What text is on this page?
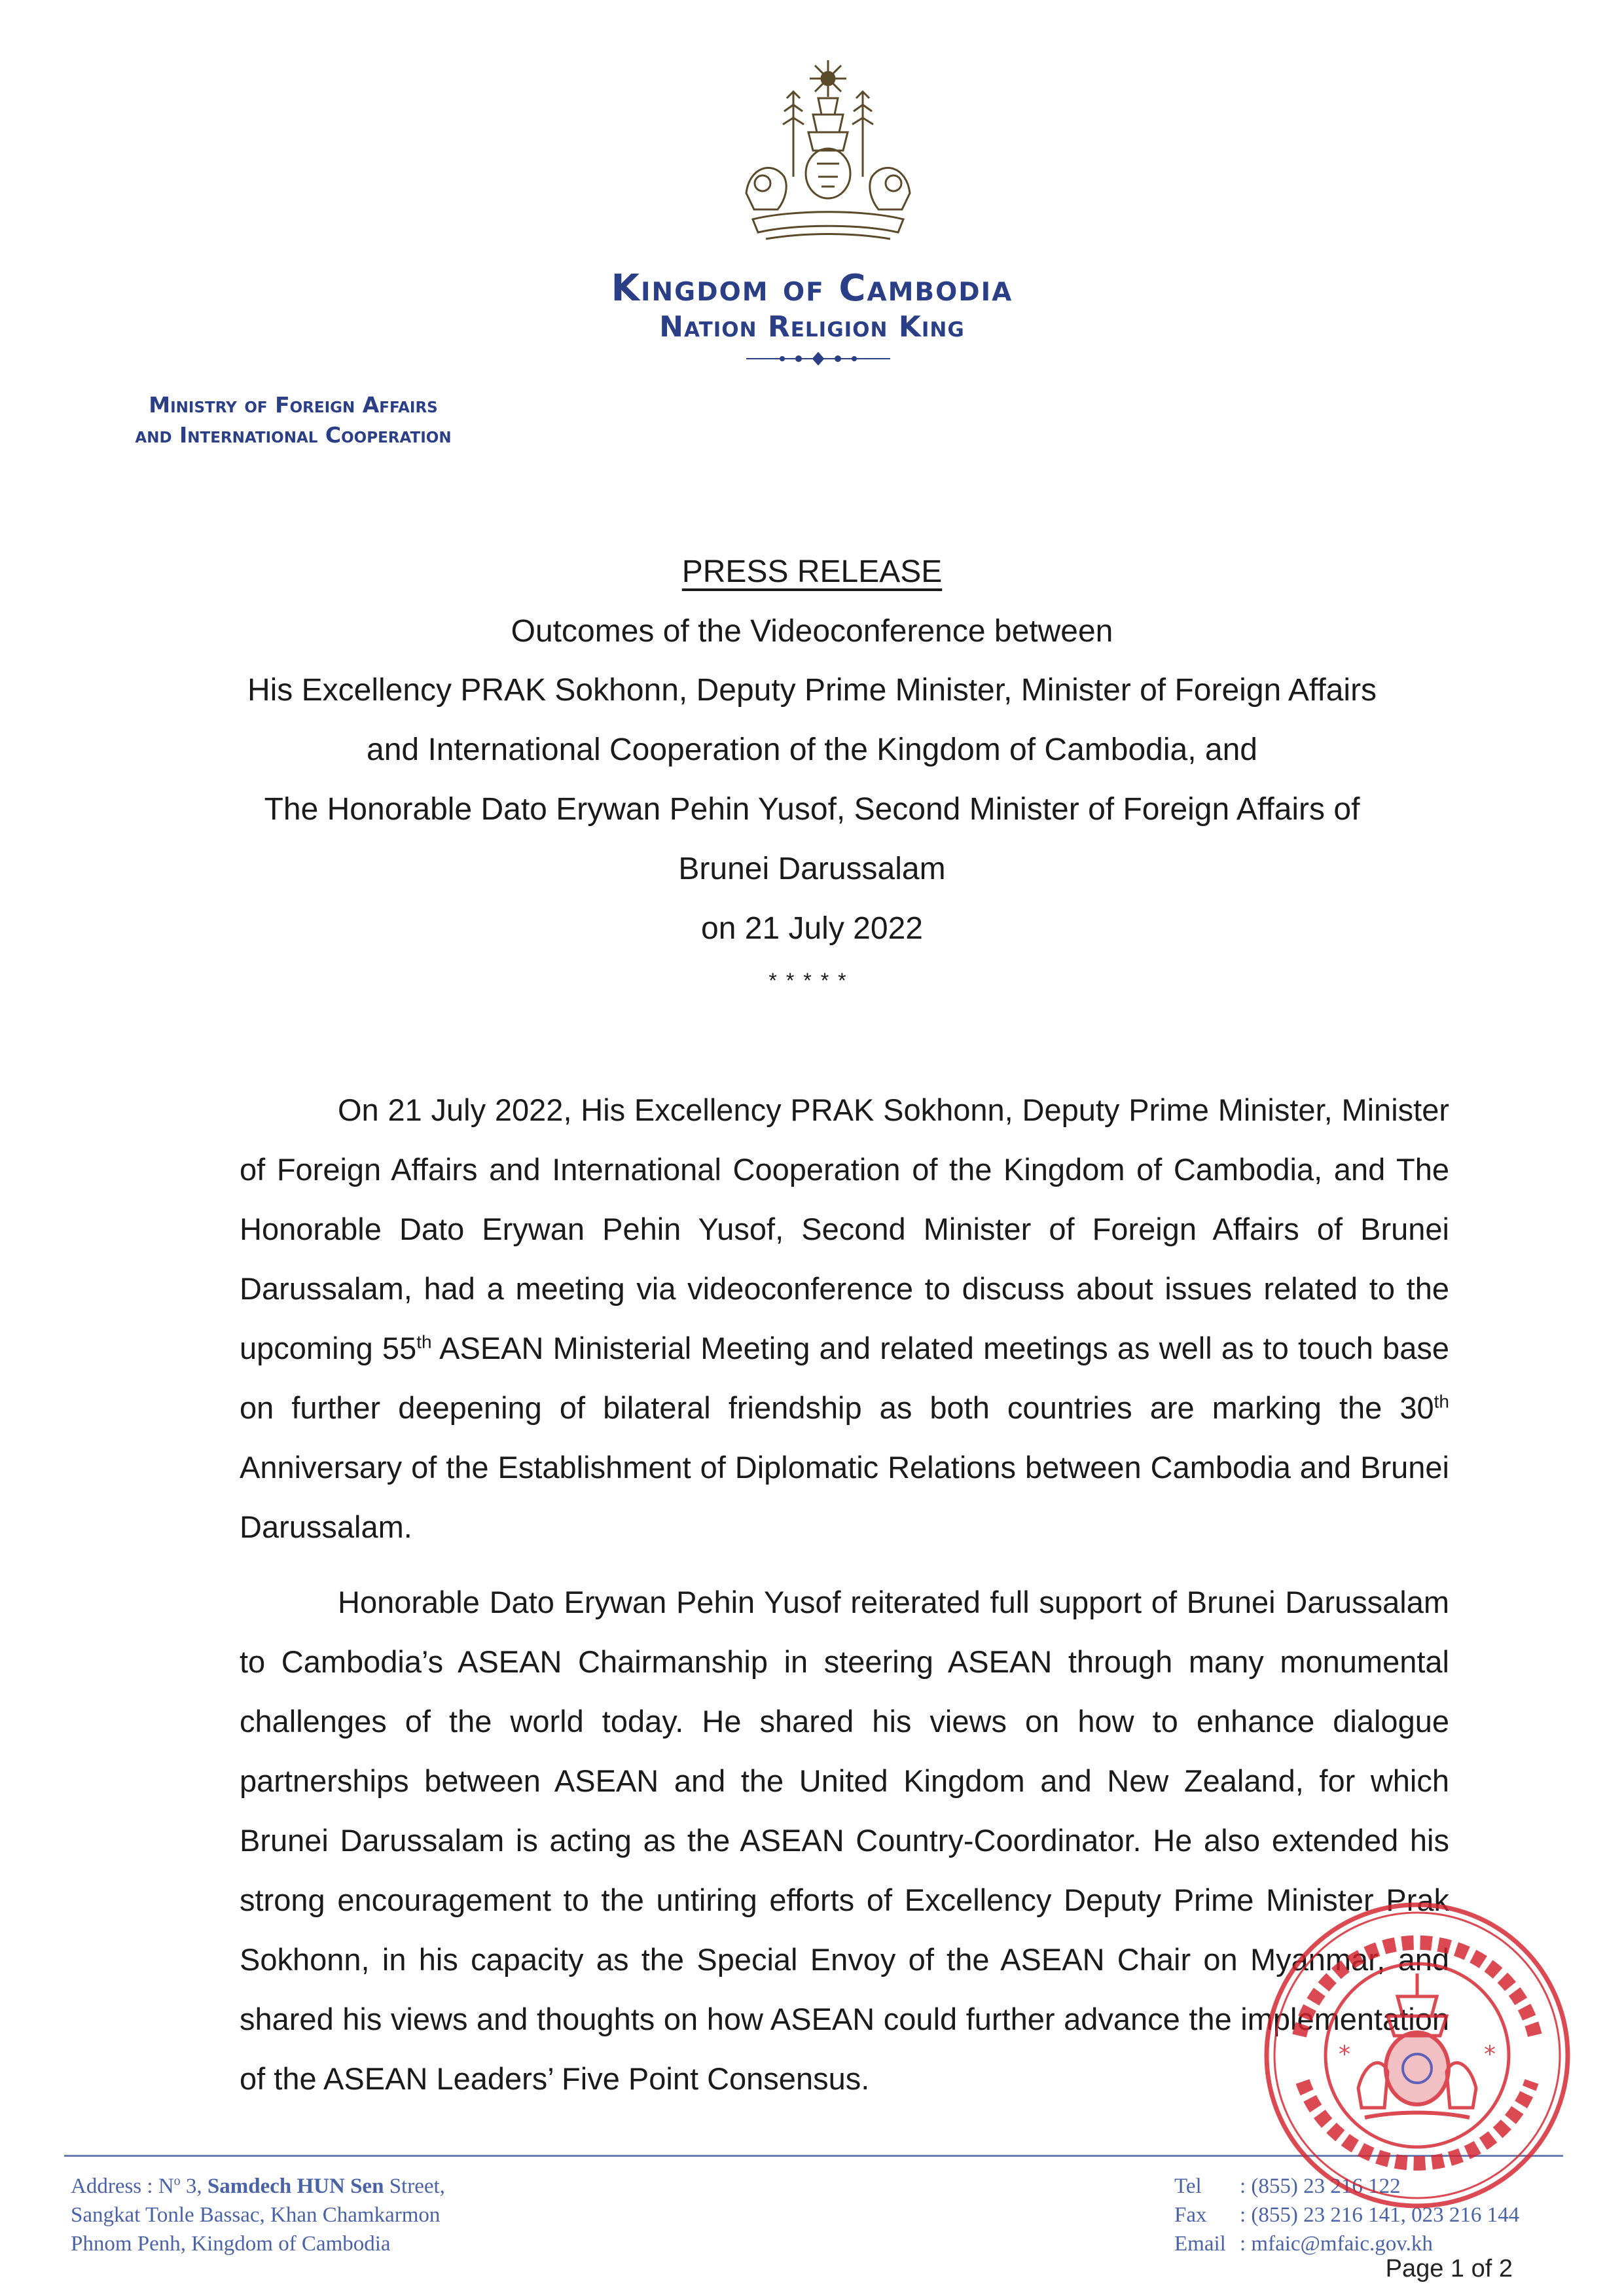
Kingdom of Cambodia
Nation Religion King
Ministry of Foreign Affairs
and International Cooperation
PRESS RELEASE
Outcomes of the Videoconference between
His Excellency PRAK Sokhonn, Deputy Prime Minister, Minister of Foreign Affairs
and International Cooperation of the Kingdom of Cambodia, and
The Honorable Dato Erywan Pehin Yusof, Second Minister of Foreign Affairs of
Brunei Darussalam
on 21 July 2022
*****
On 21 July 2022, His Excellency PRAK Sokhonn, Deputy Prime Minister, Minister of Foreign Affairs and International Cooperation of the Kingdom of Cambodia, and The Honorable Dato Erywan Pehin Yusof, Second Minister of Foreign Affairs of Brunei Darussalam, had a meeting via videoconference to discuss about issues related to the upcoming 55th ASEAN Ministerial Meeting and related meetings as well as to touch base on further deepening of bilateral friendship as both countries are marking the 30th Anniversary of the Establishment of Diplomatic Relations between Cambodia and Brunei Darussalam.
Honorable Dato Erywan Pehin Yusof reiterated full support of Brunei Darussalam to Cambodia’s ASEAN Chairmanship in steering ASEAN through many monumental challenges of the world today. He shared his views on how to enhance dialogue partnerships between ASEAN and the United Kingdom and New Zealand, for which Brunei Darussalam is acting as the ASEAN Country-Coordinator. He also extended his strong encouragement to the untiring efforts of Excellency Deputy Prime Minister Prak Sokhonn, in his capacity as the Special Envoy of the ASEAN Chair on Myanmar, and shared his views and thoughts on how ASEAN could further advance the implementation of the ASEAN Leaders’ Five Point Consensus.
Address : $N^o$ 3, Samdech HUN Sen Street,
Sangkat Tonle Bassac, Khan Chamkarmon
Phnom Penh, Kingdom of Cambodia
Tel : (855) 23 216 122
Fax : (855) 23 216 141, 023 216 144
Email : mfaic@mfaic.gov.kh
*	*
Page 1 of 2
